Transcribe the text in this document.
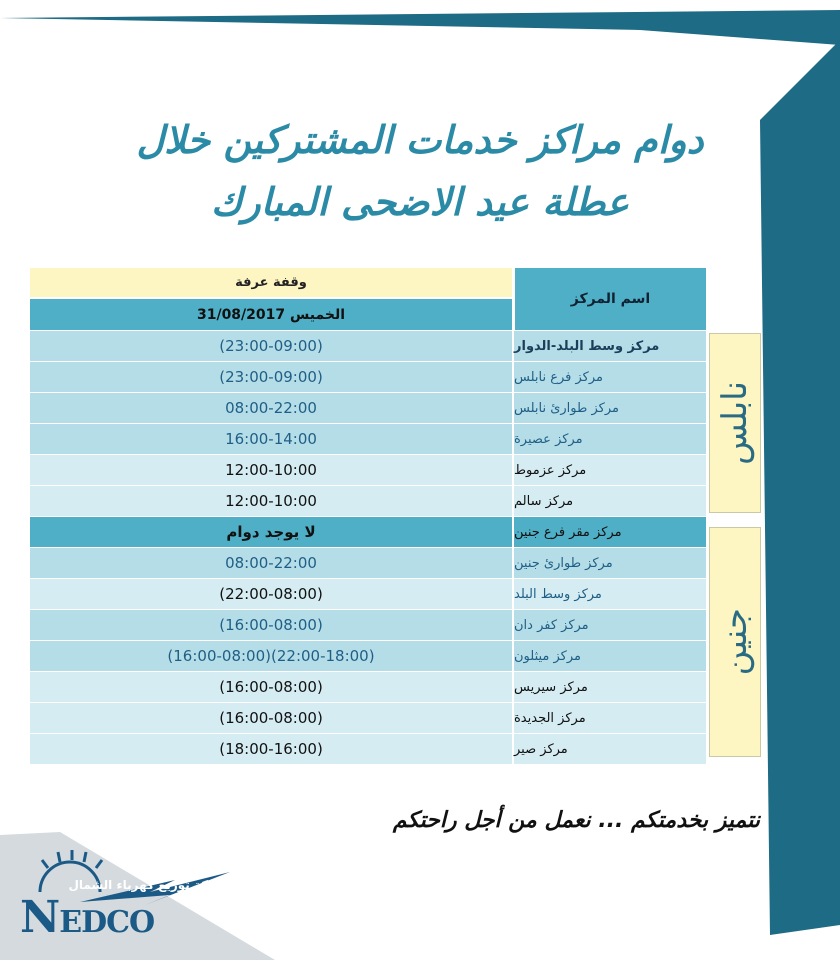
دوام مراكز خدمات المشتركين خلال
عطلة عيد الاضحى المبارك
اسم المركز
وقفة عرفة
الخميس 31/08/2017
مركز وسط البلد-الدوار
(23:00-09:00)
مركز فرع نابلس
(23:00-09:00)
مركز طوارئ نابلس
08:00-22:00
مركز عصيرة
16:00-14:00
مركز عزموط
12:00-10:00
مركز سالم
12:00-10:00
مركز مقر فرع جنين
لا يوجد دوام
مركز طوارئ جنين
08:00-22:00
مركز وسط البلد
(22:00-08:00)
مركز كفر دان
(16:00-08:00)
مركز ميثلون
(22:00-18:00)(16:00-08:00)
مركز سيريس
(16:00-08:00)
مركز الجديدة
(16:00-08:00)
مركز صير
(18:00-16:00)
نابلس
جنين
نتميز بخدمتكم ... نعمل من أجل راحتكم
شركة توزيع كهرباء الشمال
NEDCO
